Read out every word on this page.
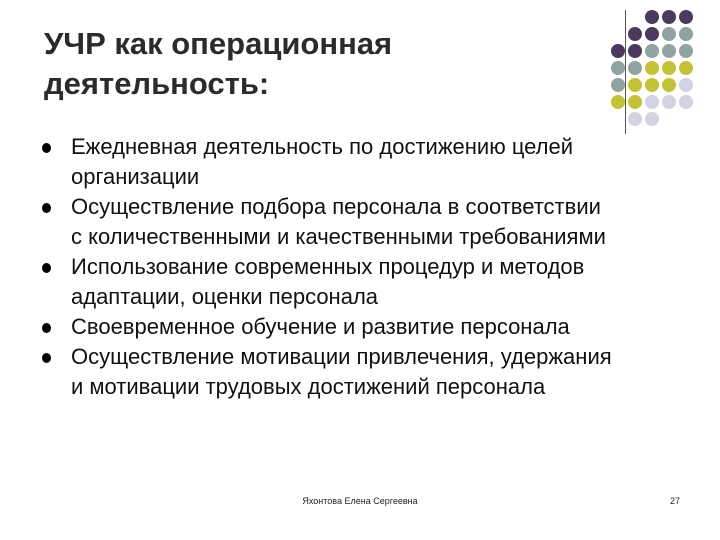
УЧР как операционная
деятельность:
Ежедневная деятельность по достижению целей
организации
Осуществление подбора персонала в соответствии
с количественными и качественными требованиями
Использование современных процедур и методов
адаптации, оценки персонала
Своевременное обучение и развитие персонала
Осуществление мотивации привлечения, удержания
и мотивации трудовых достижений персонала
Яхонтова Елена Сергеевна	27
